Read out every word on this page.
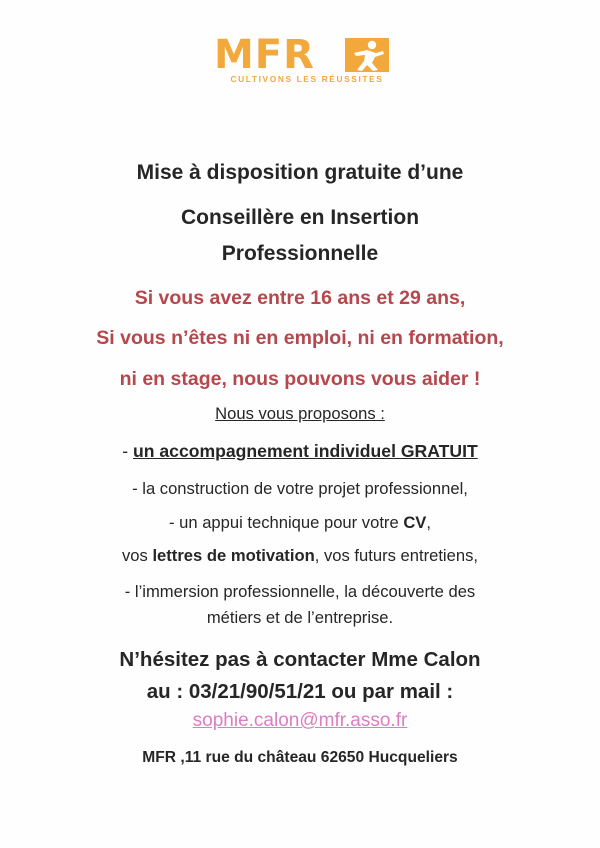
MFR
CULTIVONS LES RÉUSSITES
Mise à disposition gratuite d’une
Conseillère en Insertion
Professionnelle
Si vous avez entre 16 ans et 29 ans,
Si vous n’êtes ni en emploi, ni en formation,
ni en stage, nous pouvons vous aider !
Nous vous proposons :
- un accompagnement individuel GRATUIT
- la construction de votre projet professionnel,
- un appui technique pour votre CV,
vos lettres de motivation, vos futurs entretiens,
- l’immersion professionnelle, la découverte des
métiers et de l’entreprise.
N’hésitez pas à contacter Mme Calon
au : 03/21/90/51/21 ou par mail :
sophie.calon@mfr.asso.fr
MFR ,11 rue du château 62650 Hucqueliers
